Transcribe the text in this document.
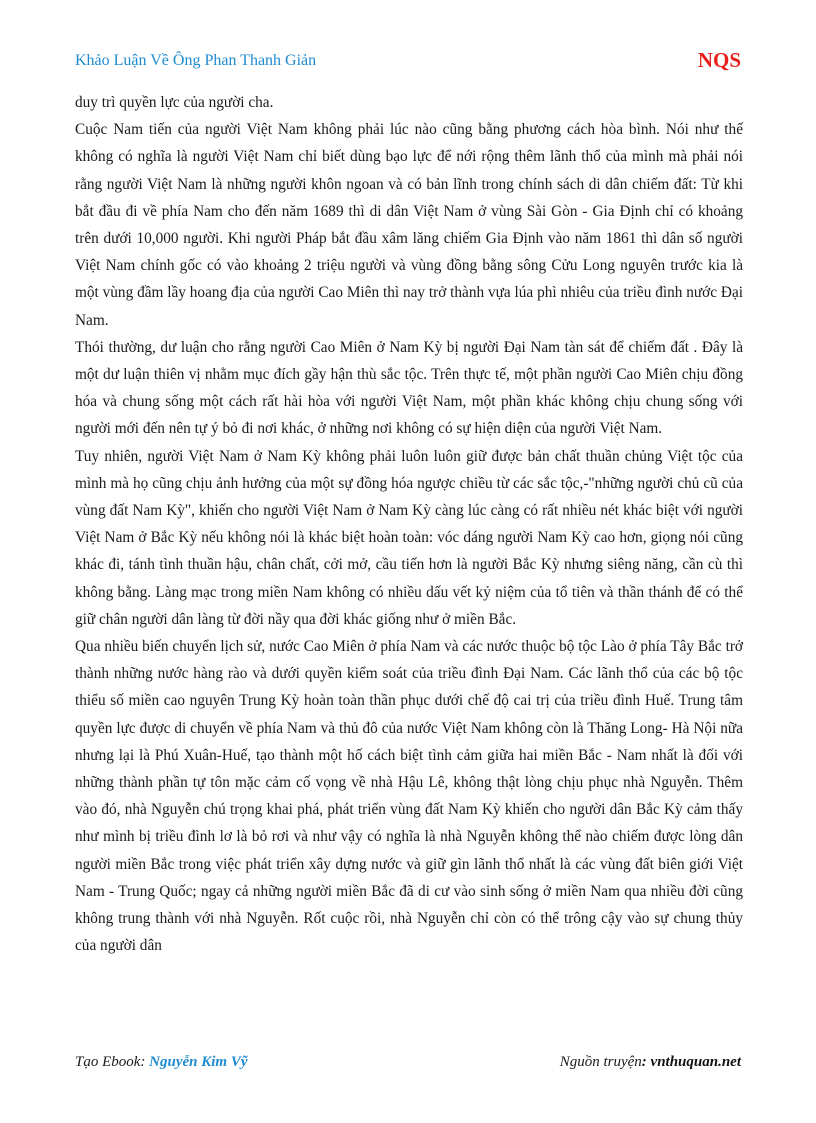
Khảo Luận Về Ông Phan Thanh Giản	NQS

duy trì quyền lực của người cha.

Cuộc Nam tiến của người Việt Nam không phải lúc nào cũng bằng phương cách hòa bình. Nói như thế không có nghĩa là người Việt Nam chỉ biết dùng bạo lực để nới rộng thêm lãnh thổ của mình mà phải nói rằng người Việt Nam là những người khôn ngoan và có bản lĩnh trong chính sách di dân chiếm đất: Từ khi bắt đầu đi về phía Nam cho đến năm 1689 thì di dân Việt Nam ở vùng Sài Gòn - Gia Định chỉ có khoảng trên dưới 10,000 người. Khi người Pháp bắt đầu xâm lăng chiếm Gia Định vào năm 1861 thì dân số người Việt Nam chính gốc có vào khoảng 2 triệu người và vùng đồng bằng sông Cửu Long nguyên trước kia là một vùng đầm lầy hoang địa của người Cao Miên thì nay trở thành vựa lúa phì nhiêu của triều đình nước Đại Nam.

Thói thường, dư luận cho rằng người Cao Miên ở Nam Kỳ bị người Đại Nam tàn sát để chiếm đất . Đây là một dư luận thiên vị nhằm mục đích gầy hận thù sắc tộc. Trên thực tế, một phần người Cao Miên chịu đồng hóa và chung sống một cách rất hài hòa với người Việt Nam, một phần khác không chịu chung sống với người mới đến nên tự ý bỏ đi nơi khác, ở những nơi không có sự hiện diện của người Việt Nam.

Tuy nhiên, người Việt Nam ở Nam Kỳ không phải luôn luôn giữ được bản chất thuần chủng Việt tộc của mình mà họ cũng chịu ảnh hưởng của một sự đồng hóa ngược chiều từ các sắc tộc,-"những người chủ cũ của vùng đất Nam Kỳ", khiến cho người Việt Nam ở Nam Kỳ càng lúc càng có rất nhiều nét khác biệt với người Việt Nam ở Bắc Kỳ nếu không nói là khác biệt hoàn toàn: vóc dáng người Nam Kỳ cao hơn, giọng nói cũng khác đi, tánh tình thuần hậu, chân chất, cởi mở, cầu tiến hơn là người Bắc Kỳ nhưng siêng năng, cần cù thì không bằng. Làng mạc trong miền Nam không có nhiều dấu vết kỷ niệm của tổ tiên và thần thánh để có thể giữ chân người dân làng từ đời nầy qua đời khác giống như ở miền Bắc.

Qua nhiều biến chuyển lịch sử, nước Cao Miên ở phía Nam và các nước thuộc bộ tộc Lào ở phía Tây Bắc trở thành những nước hàng rào và dưới quyền kiểm soát của triều đình Đại Nam. Các lãnh thổ của các bộ tộc thiểu số miền cao nguyên Trung Kỳ hoàn toàn thần phục dưới chế độ cai trị của triều đình Huế. Trung tâm quyền lực được di chuyển về phía Nam và thủ đô của nước Việt Nam không còn là Thăng Long- Hà Nội nữa nhưng lại là Phú Xuân-Huế, tạo thành một hố cách biệt tình cảm giữa hai miền Bắc - Nam nhất là đối với những thành phần tự tôn mặc cảm cố vọng về nhà Hậu Lê, không thật lòng chịu phục nhà Nguyễn. Thêm vào đó, nhà Nguyễn chú trọng khai phá, phát triển vùng đất Nam Kỳ khiến cho người dân Bắc Kỳ cảm thấy như mình bị triều đình lơ là bỏ rơi và như vậy có nghĩa là nhà Nguyễn không thể nào chiếm được lòng dân người miền Bắc trong việc phát triển xây dựng nước và giữ gìn lãnh thổ nhất là các vùng đất biên giới Việt Nam - Trung Quốc; ngay cả những người miền Bắc đã di cư vào sinh sống ở miền Nam qua nhiều đời cũng không trung thành với nhà Nguyễn. Rốt cuộc rồi, nhà Nguyễn chỉ còn có thể trông cậy vào sự chung thủy của người dân

Tạo Ebook: Nguyễn Kim Vỹ	Nguồn truyện: vnthuquan.net
